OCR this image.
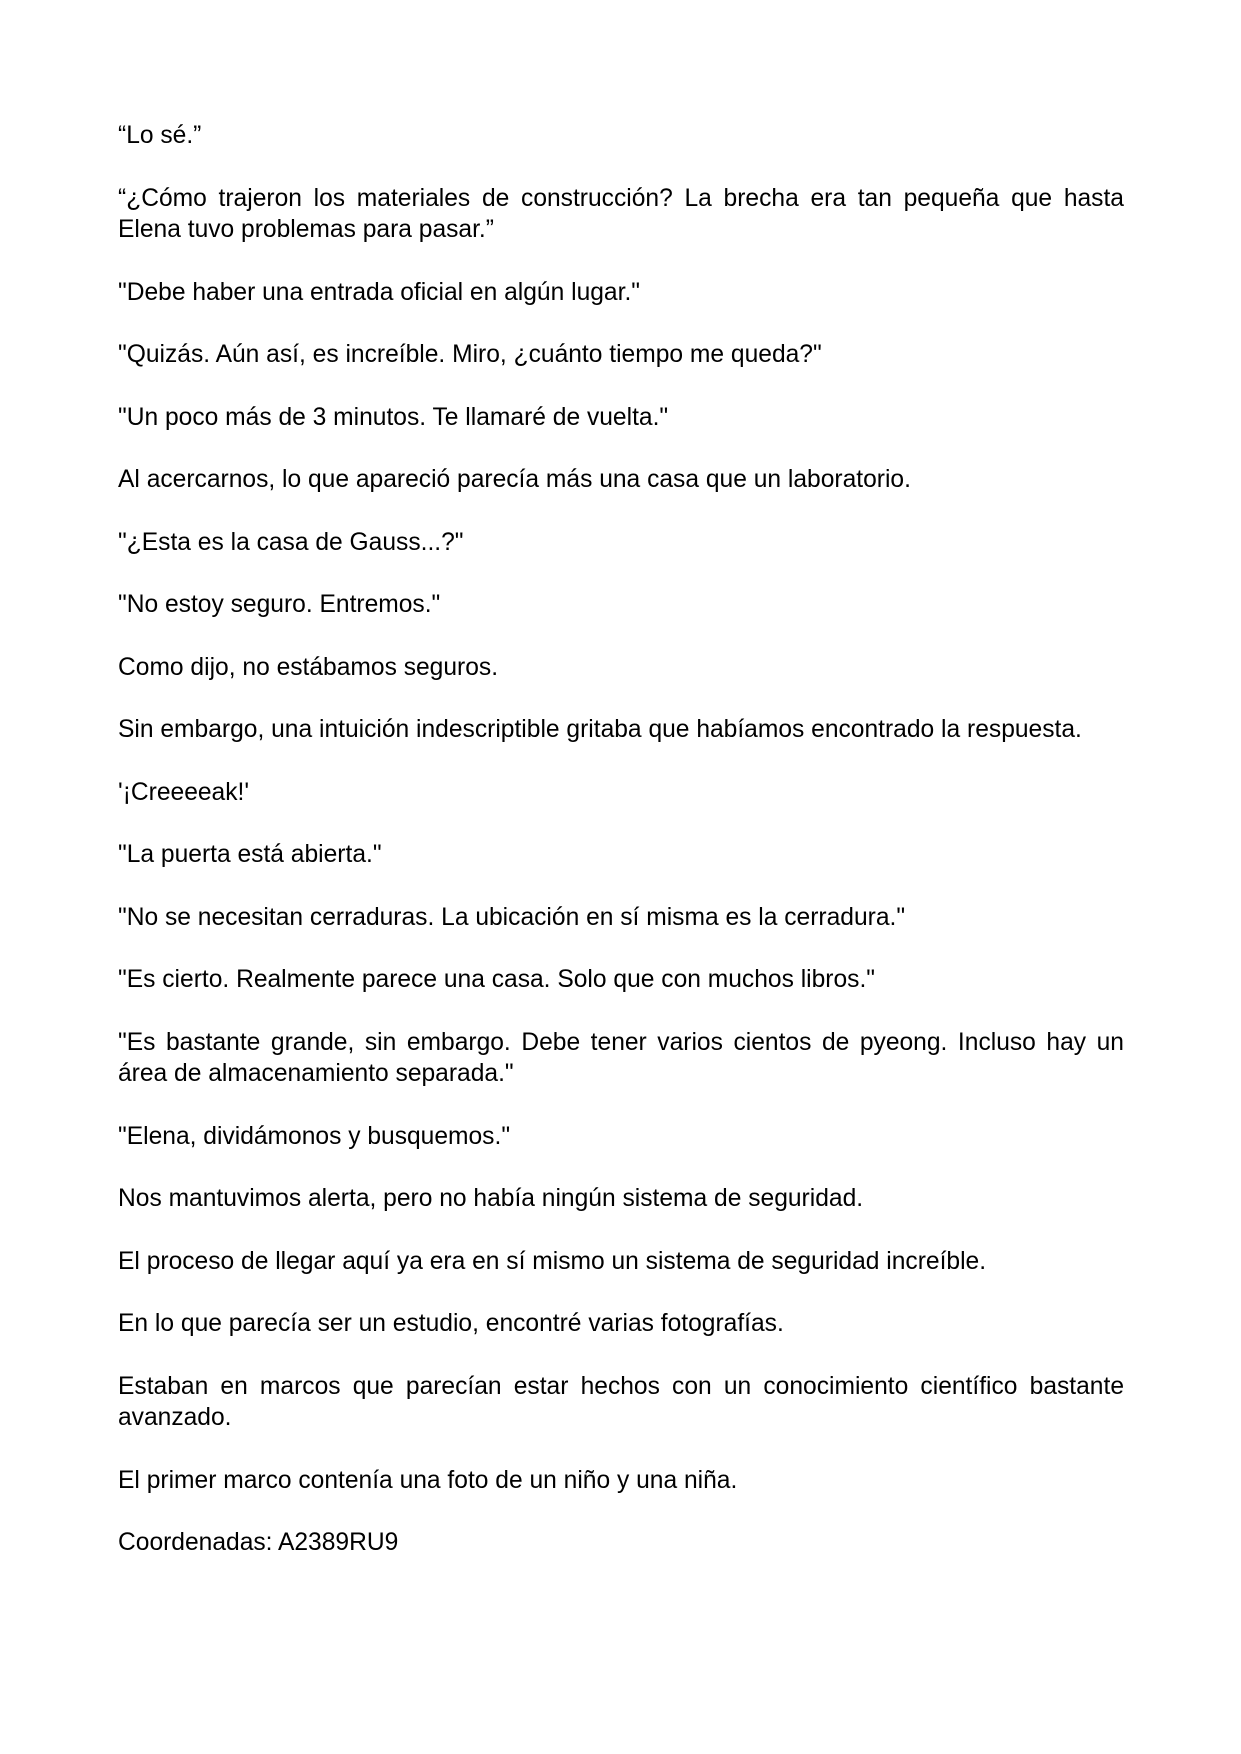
“Lo sé.”

“¿Cómo trajeron los materiales de construcción? La brecha era tan pequeña que hasta Elena tuvo problemas para pasar.”

"Debe haber una entrada oficial en algún lugar."

"Quizás. Aún así, es increíble. Miro, ¿cuánto tiempo me queda?"

"Un poco más de 3 minutos. Te llamaré de vuelta."

Al acercarnos, lo que apareció parecía más una casa que un laboratorio.

"¿Esta es la casa de Gauss...?"

"No estoy seguro. Entremos."

Como dijo, no estábamos seguros.

Sin embargo, una intuición indescriptible gritaba que habíamos encontrado la respuesta.

'¡Creeeeak!'

"La puerta está abierta."

"No se necesitan cerraduras. La ubicación en sí misma es la cerradura."

"Es cierto. Realmente parece una casa. Solo que con muchos libros."

"Es bastante grande, sin embargo. Debe tener varios cientos de pyeong. Incluso hay un área de almacenamiento separada."

"Elena, dividámonos y busquemos."

Nos mantuvimos alerta, pero no había ningún sistema de seguridad.

El proceso de llegar aquí ya era en sí mismo un sistema de seguridad increíble.

En lo que parecía ser un estudio, encontré varias fotografías.

Estaban en marcos que parecían estar hechos con un conocimiento científico bastante avanzado.

El primer marco contenía una foto de un niño y una niña.

Coordenadas: A2389RU9
